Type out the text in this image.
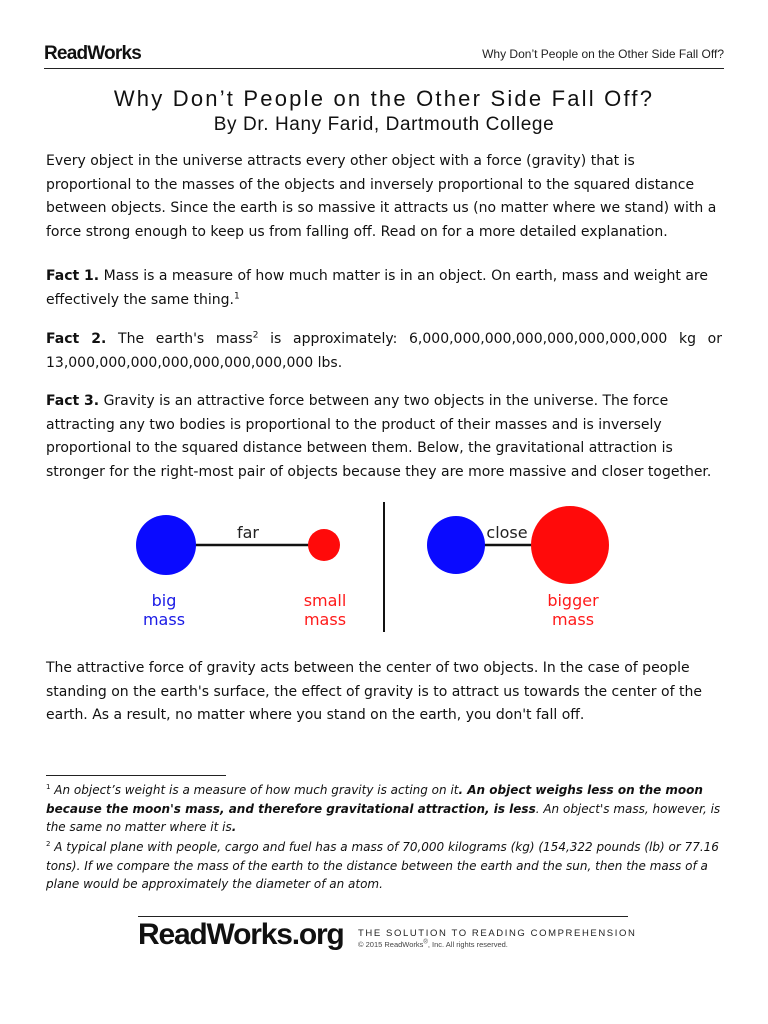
ReadWorks	Why Don’t People on the Other Side Fall Off?
Why Don’t People on the Other Side Fall Off?
By Dr. Hany Farid, Dartmouth College

Every object in the universe attracts every other object with a force (gravity) that is proportional to the masses of the objects and inversely proportional to the squared distance between objects. Since the earth is so massive it attracts us (no matter where we stand) with a force strong enough to keep us from falling off. Read on for a more detailed explanation.

Fact 1. Mass is a measure of how much matter is in an object. On earth, mass and weight are effectively the same thing.$^1$

Fact 2. The earth's mass$^2$ is approximately: 6,000,000,000,000,000,000,000,000 kg or 13,000,000,000,000,000,000,000,000 lbs.

Fact 3. Gravity is an attractive force between any two objects in the universe. The force attracting any two bodies is proportional to the product of their masses and is inversely proportional to the squared distance between them. Below, the gravitational attraction is stronger for the right-most pair of objects because they are more massive and closer together.

far
big
mass
small
mass
close
bigger
mass

The attractive force of gravity acts between the center of two objects. In the case of people standing on the earth's surface, the effect of gravity is to attract us towards the center of the earth. As a result, no matter where you stand on the earth, you don't fall off.

$^1$ An object’s weight is a measure of how much gravity is acting on it. An object weighs less on the moon because the moon's mass, and therefore gravitational attraction, is less. An object's mass, however, is the same no matter where it is.

$^2$ A typical plane with people, cargo and fuel has a mass of 70,000 kilograms (kg) (154,322 pounds (lb) or 77.16 tons). If we compare the mass of the earth to the distance between the earth and the sun, then the mass of a plane would be approximately the diameter of an atom.

ReadWorks.org THE SOLUTION TO READING COMPREHENSION
© 2015 ReadWorks®, Inc. All rights reserved.
